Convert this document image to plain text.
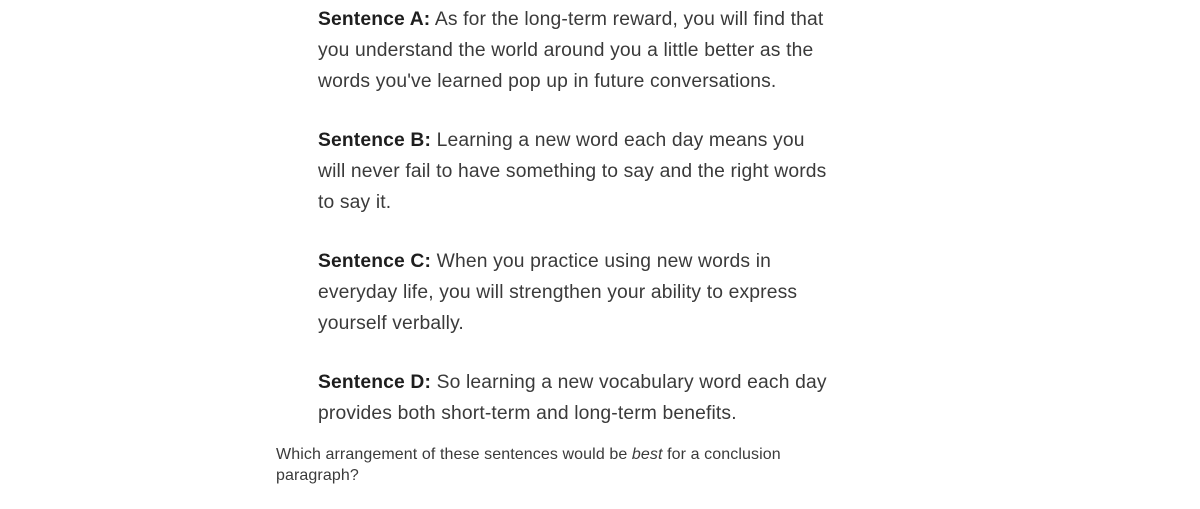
Sentence A: As for the long-term reward, you will find that
you understand the world around you a little better as the
words you've learned pop up in future conversations.

Sentence B: Learning a new word each day means you
will never fail to have something to say and the right words
to say it.

Sentence C: When you practice using new words in
everyday life, you will strengthen your ability to express
yourself verbally.

Sentence D: So learning a new vocabulary word each day
provides both short-term and long-term benefits.

Which arrangement of these sentences would be best for a conclusion
paragraph?
